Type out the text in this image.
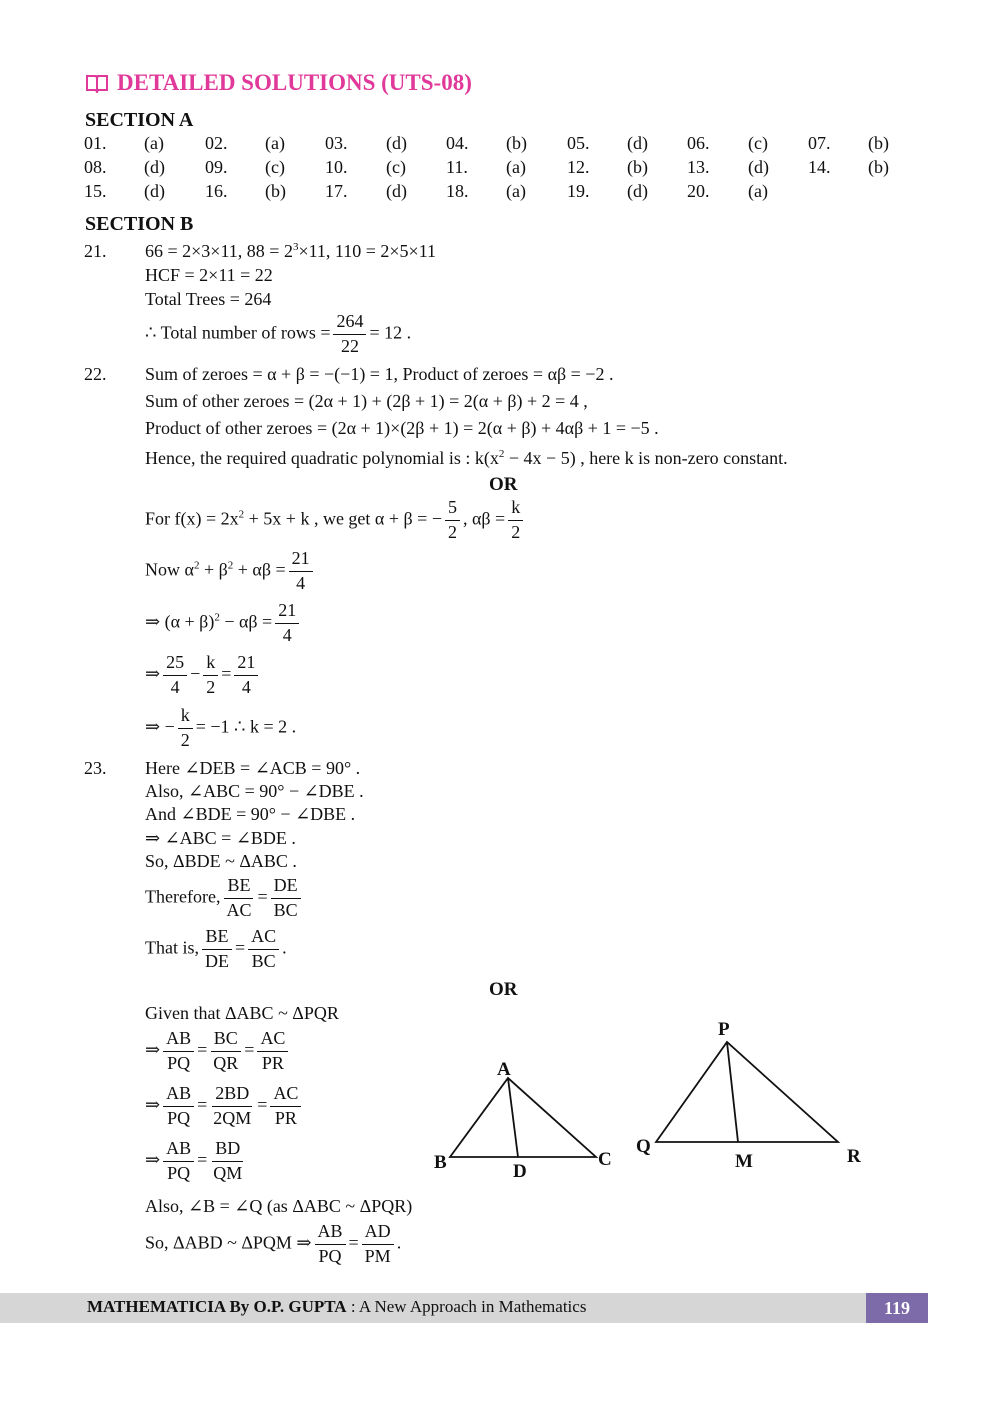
DETAILED SOLUTIONS (UTS-08)
SECTION A
01. (a) 02. (a) 03. (d) 04. (b) 05. (d) 06. (c) 07. (b)
08. (d) 09. (c) 10. (c) 11. (a) 12. (b) 13. (d) 14. (b)
15. (d) 16. (b) 17. (d) 18. (a) 19. (d) 20. (a)
SECTION B
21. 66 = 2×3×11, $88 = 2^3\times 11$, 110 = 2×5×11
HCF = 2×11 = 22
Total Trees = 264
∴ Total number of rows = $\frac{264}{22} = 12$ .
22. Sum of zeroes = α + β = −(−1) = 1, Product of zeroes = αβ = −2 .
Sum of other zeroes = (2α + 1) + (2β + 1) = 2(α + β) + 2 = 4 ,
Product of other zeroes = (2α + 1)×(2β + 1) = 2(α + β) + 4αβ + 1 = −5 .
Hence, the required quadratic polynomial is : $k(x^2 - 4x - 5)$ , here k is non-zero constant.
OR
For $f(x) = 2x^2 + 5x + k$ , we get α + β = − $\frac{5}{2}$ , $\alpha\beta = \frac{k}{2}$
Now $\alpha^2 + \beta^2 + \alpha\beta = \frac{21}{4}$
⇒ $(\alpha + \beta)^2 - \alpha\beta = \frac{21}{4}$
⇒ $\frac{25}{4} - \frac{k}{2} = \frac{21}{4}$
⇒ − $\frac{k}{2} = -1$ ∴ k = 2 .
23. Here ∠DEB = ∠ACB = 90° .
Also, ∠ABC = 90° − ∠DBE .
And ∠BDE = 90° − ∠DBE .
⇒ ∠ABC = ∠BDE .
So, ΔBDE ~ ΔABC .
Therefore, $\frac{BE}{AC} = \frac{DE}{BC}$
That is, $\frac{BE}{DE} = \frac{AC}{BC}$ .
OR
Given that ΔABC ~ ΔPQR
⇒ $\frac{AB}{PQ} = \frac{BC}{QR} = \frac{AC}{PR}$
⇒ $\frac{AB}{PQ} = \frac{2BD}{2QM} = \frac{AC}{PR}$
⇒ $\frac{AB}{PQ} = \frac{BD}{QM}$
Also, ∠B = ∠Q (as ΔABC ~ ΔPQR)
So, ΔABD ~ ΔPQM ⇒ $\frac{AB}{PQ} = \frac{AD}{PM}$ .
A
B	C
D
P
Q	R
M
MATHEMATICIA By O.P. GUPTA : A New Approach in Mathematics	119
